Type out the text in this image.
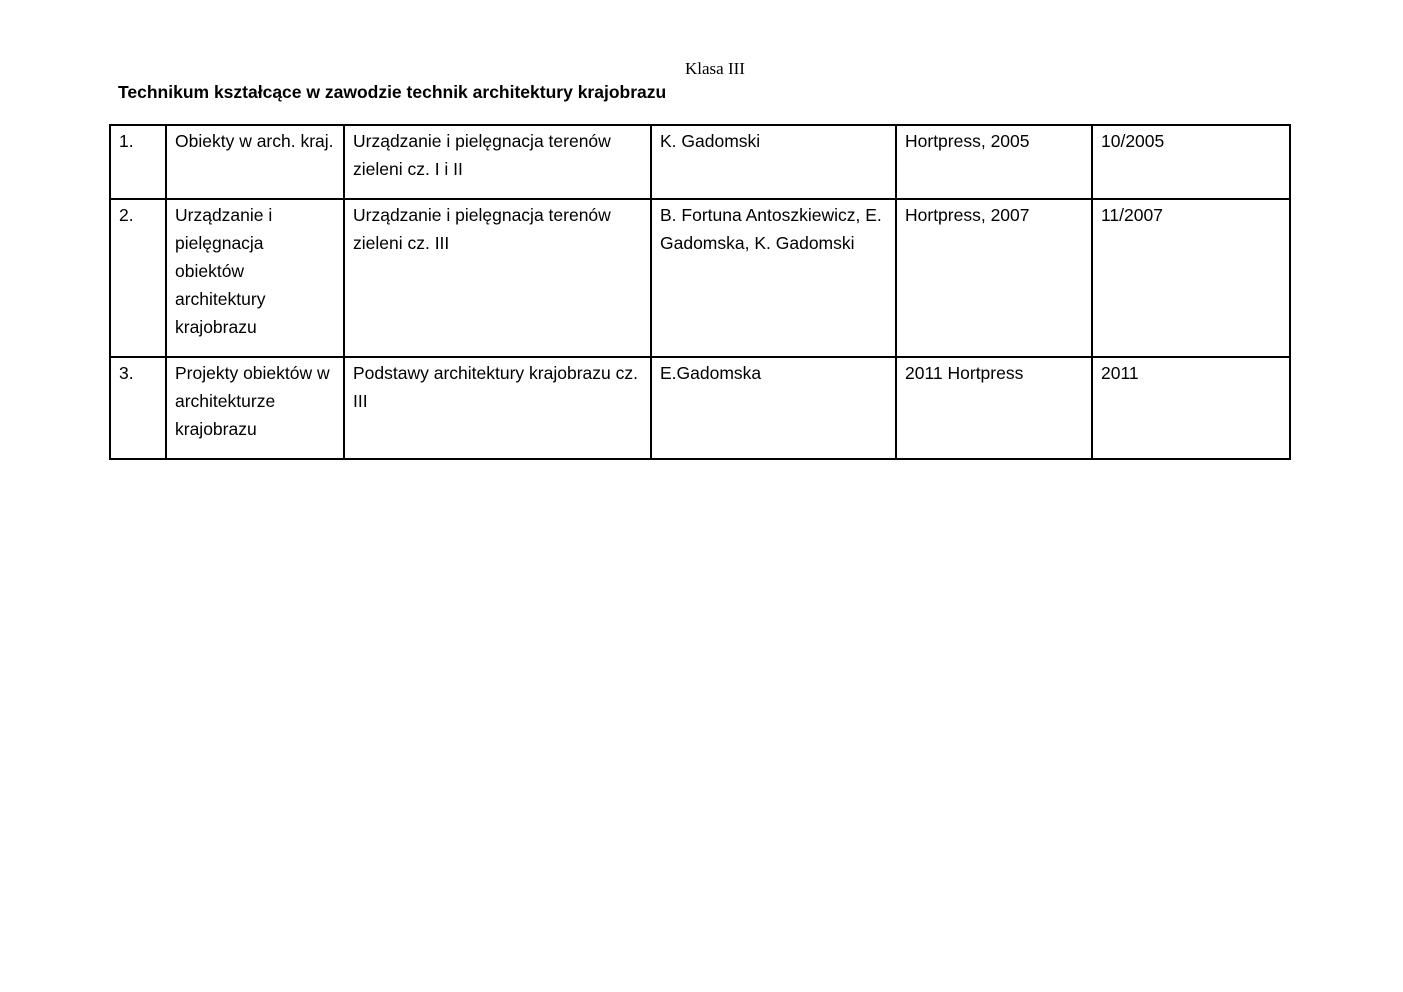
Klasa III
Technikum kształcące w zawodzie technik architektury krajobrazu
1.	Obiekty w arch. kraj.	Urządzanie i pielęgnacja terenów zieleni cz. I i II	K. Gadomski	Hortpress, 2005	10/2005
2.	Urządzanie i pielęgnacja obiektów architektury krajobrazu	Urządzanie i pielęgnacja terenów zieleni cz. III	B. Fortuna Antoszkiewicz, E. Gadomska, K. Gadomski	Hortpress, 2007	11/2007
3.	Projekty obiektów w architekturze krajobrazu	Podstawy architektury krajobrazu cz. III	E.Gadomska	2011 Hortpress	2011
